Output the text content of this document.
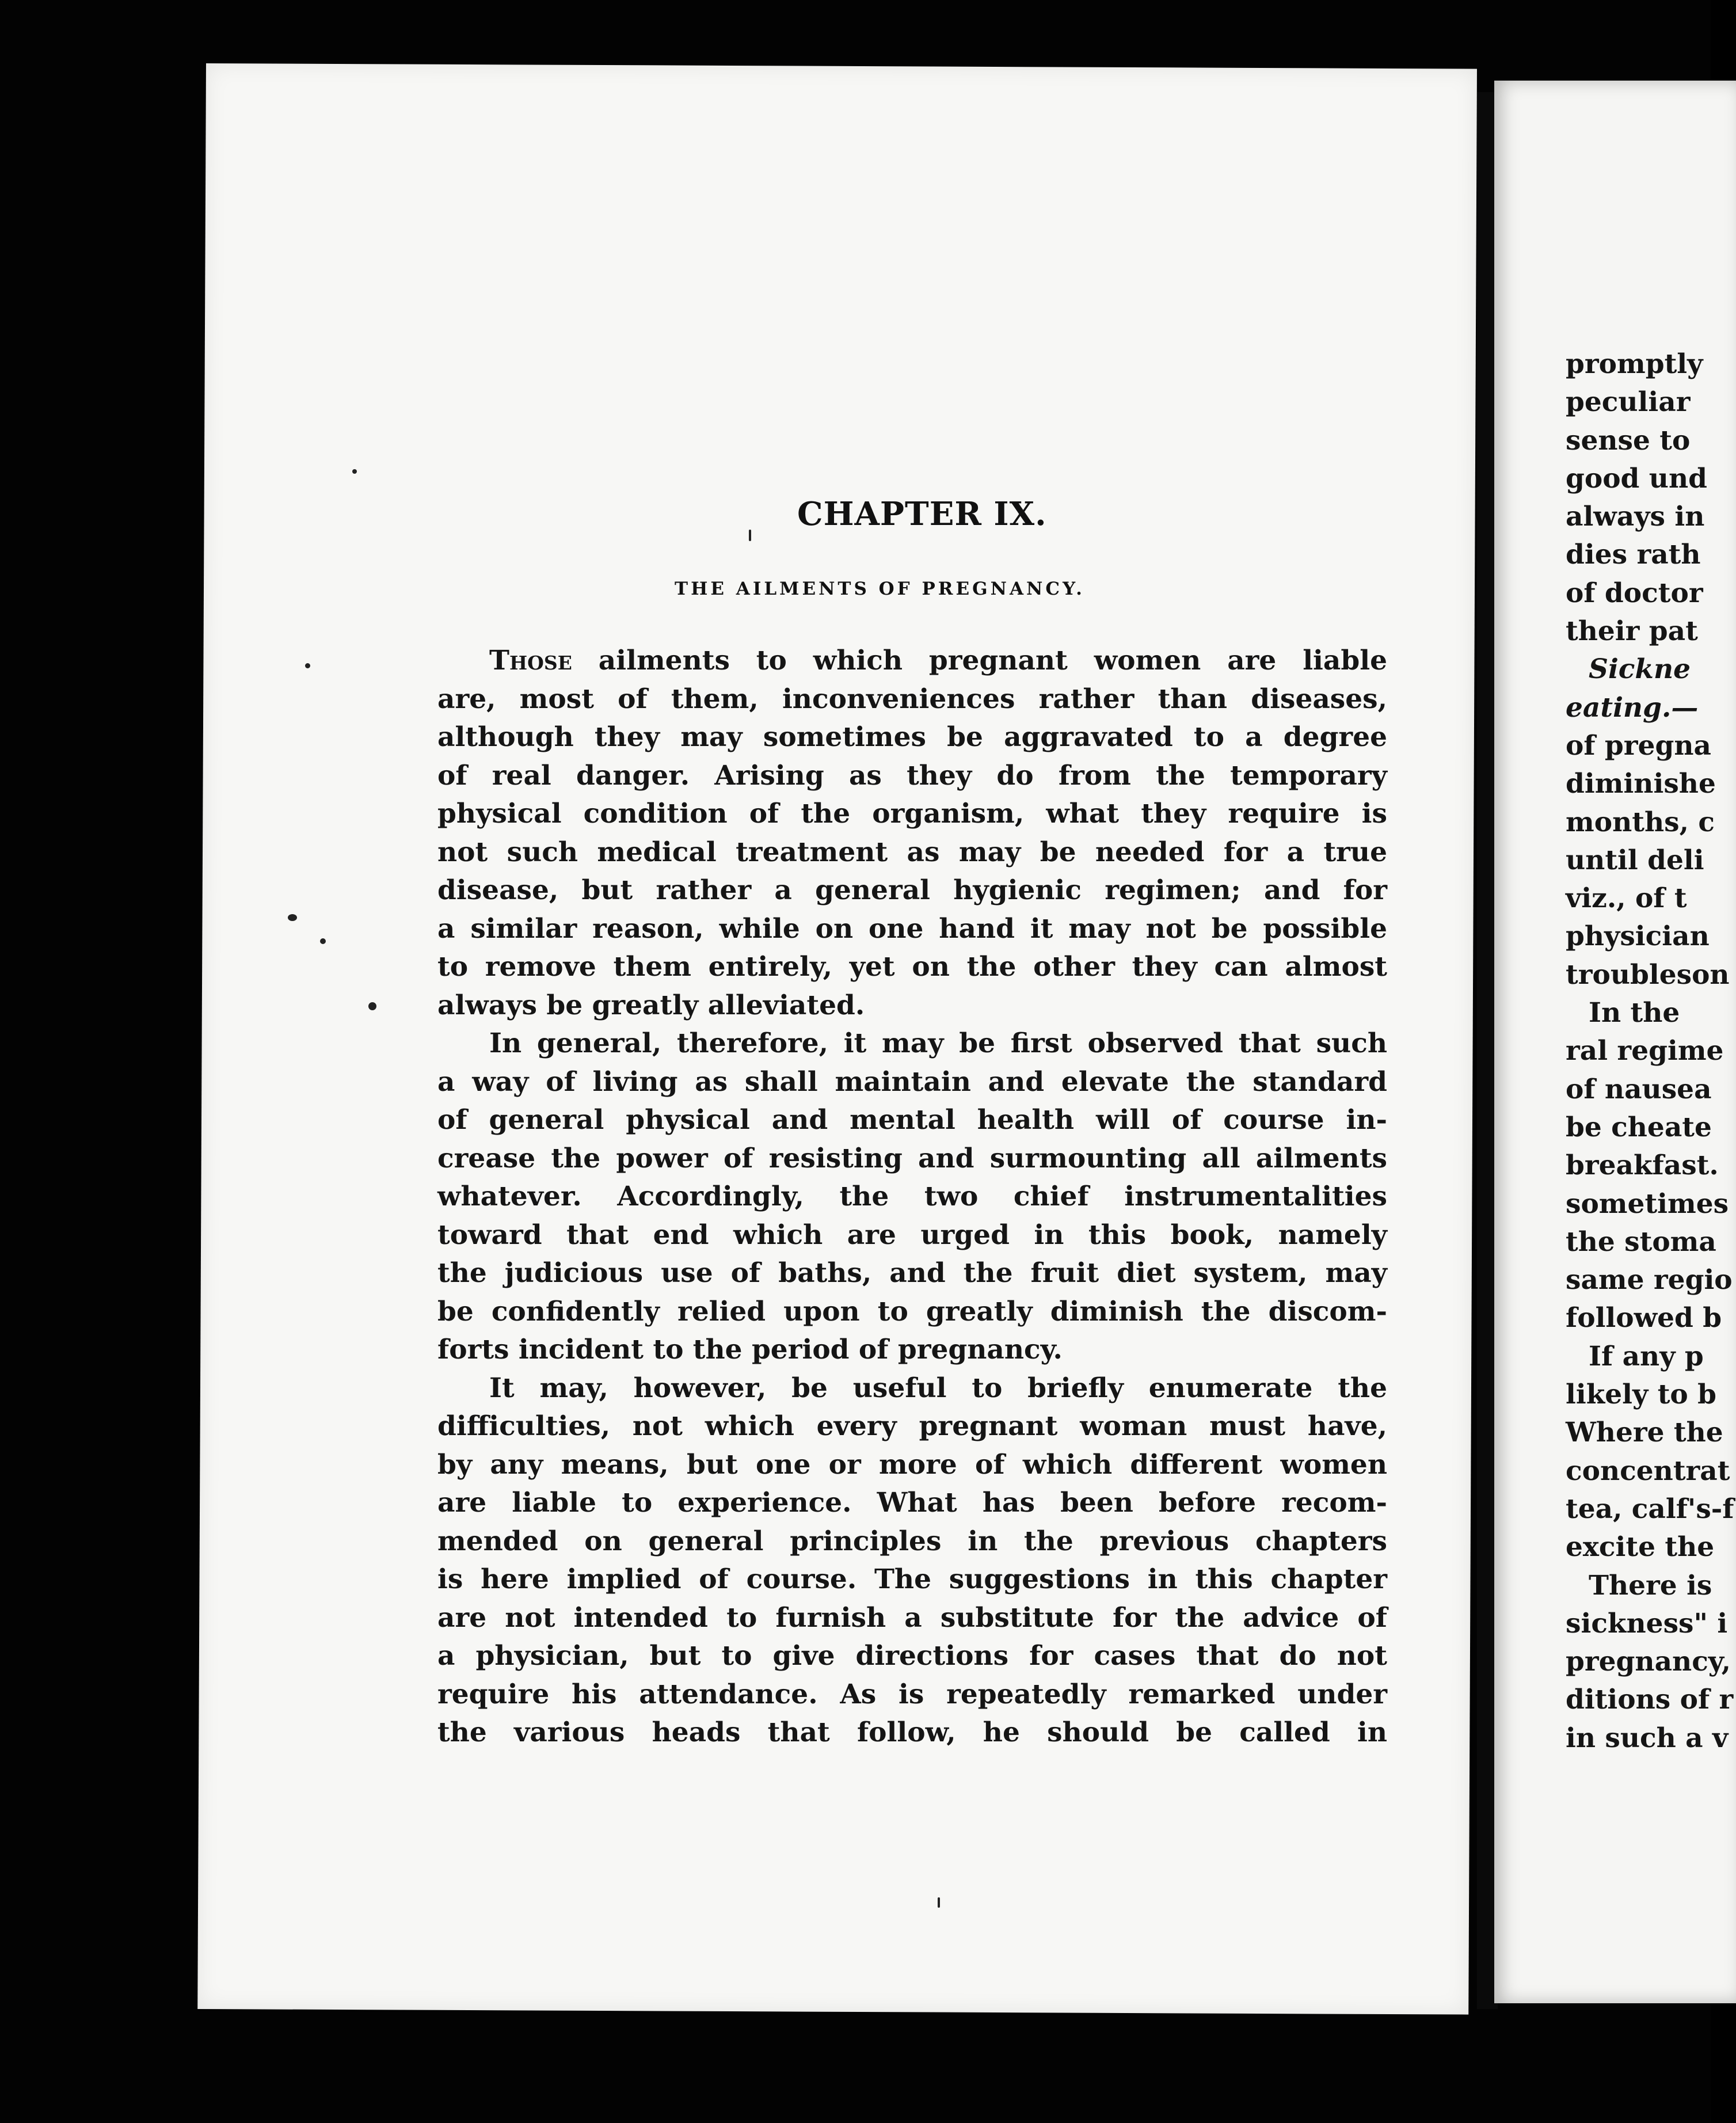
CHAPTER IX.
THE AILMENTS OF PREGNANCY.
Those ailments to which pregnant women are liable
are, most of them, inconveniences rather than diseases,
although they may sometimes be aggravated to a degree
of real danger. Arising as they do from the temporary
physical condition of the organism, what they require is
not such medical treatment as may be needed for a true
disease, but rather a general hygienic regimen; and for
a similar reason, while on one hand it may not be possible
to remove them entirely, yet on the other they can almost
always be greatly alleviated.
In general, therefore, it may be first observed that such
a way of living as shall maintain and elevate the standard
of general physical and mental health will of course in-
crease the power of resisting and surmounting all ailments
whatever. Accordingly, the two chief instrumentalities
toward that end which are urged in this book, namely
the judicious use of baths, and the fruit diet system, may
be confidently relied upon to greatly diminish the discom-
forts incident to the period of pregnancy.
It may, however, be useful to briefly enumerate the
difficulties, not which every pregnant woman must have,
by any means, but one or more of which different women
are liable to experience. What has been before recom-
mended on general principles in the previous chapters
is here implied of course. The suggestions in this chapter
are not intended to furnish a substitute for the advice of
a physician, but to give directions for cases that do not
require his attendance. As is repeatedly remarked under
the various heads that follow, he should be called in
promptly
peculiar
sense to
good und
always in
dies rath
of doctor
their pat
Sickne
eating.—
of pregna
diminishe
months, c
until deli
viz., of t
physician
troubleson
In the
ral regime
of nausea
be cheate
breakfast.
sometimes
the stoma
same regio
followed b
If any p
likely to b
Where the
concentrat
tea, calf's-f
excite the
There is
sickness" i
pregnancy,
ditions of r
in such a v
